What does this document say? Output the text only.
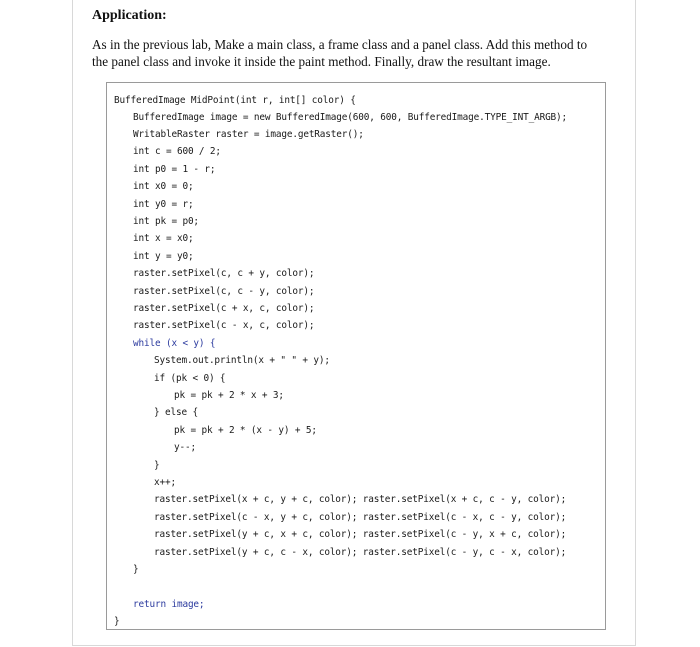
Application:
As in the previous lab, Make a main class, a frame class and a panel class. Add this method to
the panel class and invoke it inside the paint method. Finally, draw the resultant image.
BufferedImage MidPoint(int r, int[] color) {
BufferedImage image = new BufferedImage(600, 600, BufferedImage.TYPE_INT_ARGB);
WritableRaster raster = image.getRaster();
int c = 600 / 2;
int p0 = 1 - r;
int x0 = 0;
int y0 = r;
int pk = p0;
int x = x0;
int y = y0;
raster.setPixel(c, c + y, color);
raster.setPixel(c, c - y, color);
raster.setPixel(c + x, c, color);
raster.setPixel(c - x, c, color);
while (x < y) {
System.out.println(x + " " + y);
if (pk < 0) {
pk = pk + 2 * x + 3;
} else {
pk = pk + 2 * (x - y) + 5;
y--;
}
x++;
raster.setPixel(x + c, y + c, color); raster.setPixel(x + c, c - y, color);
raster.setPixel(c - x, y + c, color); raster.setPixel(c - x, c - y, color);
raster.setPixel(y + c, x + c, color); raster.setPixel(c - y, x + c, color);
raster.setPixel(y + c, c - x, color); raster.setPixel(c - y, c - x, color);
}
return image;
}
